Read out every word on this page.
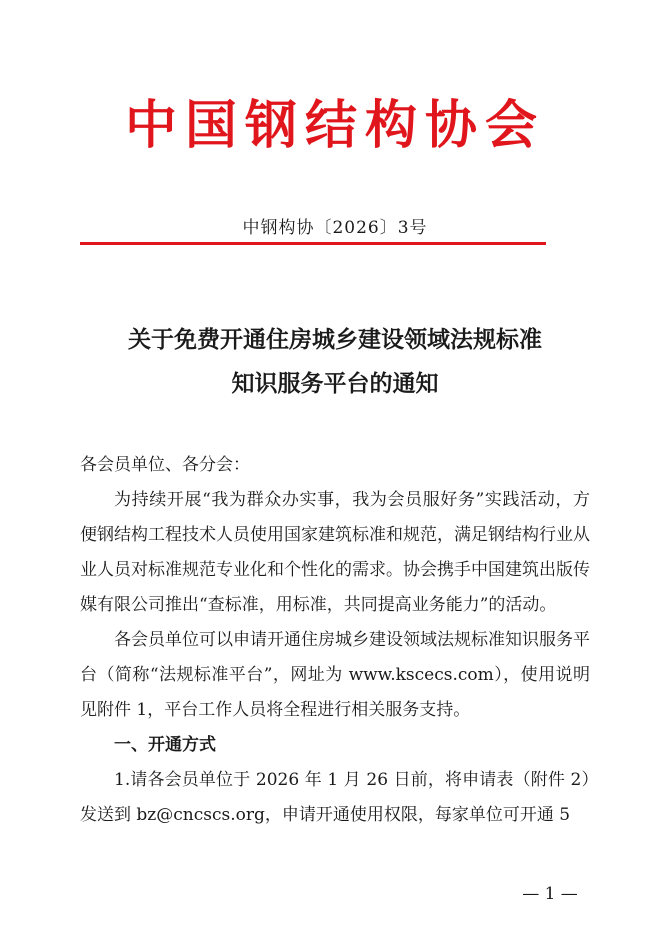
中国钢结构协会
中钢构协〔2026〕3号
关于免费开通住房城乡建设领域法规标准
知识服务平台的通知

各会员单位、各分会：

为持续开展“我为群众办实事，我为会员服好务”实践活动，方便钢结构工程技术人员使用国家建筑标准和规范，满足钢结构行业从业人员对标准规范专业化和个性化的需求。协会携手中国建筑出版传媒有限公司推出“查标准，用标准，共同提高业务能力”的活动。

各会员单位可以申请开通住房城乡建设领域法规标准知识服务平台（简称“法规标准平台”，网址为 www.kscecs.com），使用说明见附件 1，平台工作人员将全程进行相关服务支持。

一、开通方式

1.请各会员单位于 2026 年 1 月 26 日前，将申请表（附件 2）发送到 bz@cncscs.org，申请开通使用权限，每家单位可开通 5

— 1 —
